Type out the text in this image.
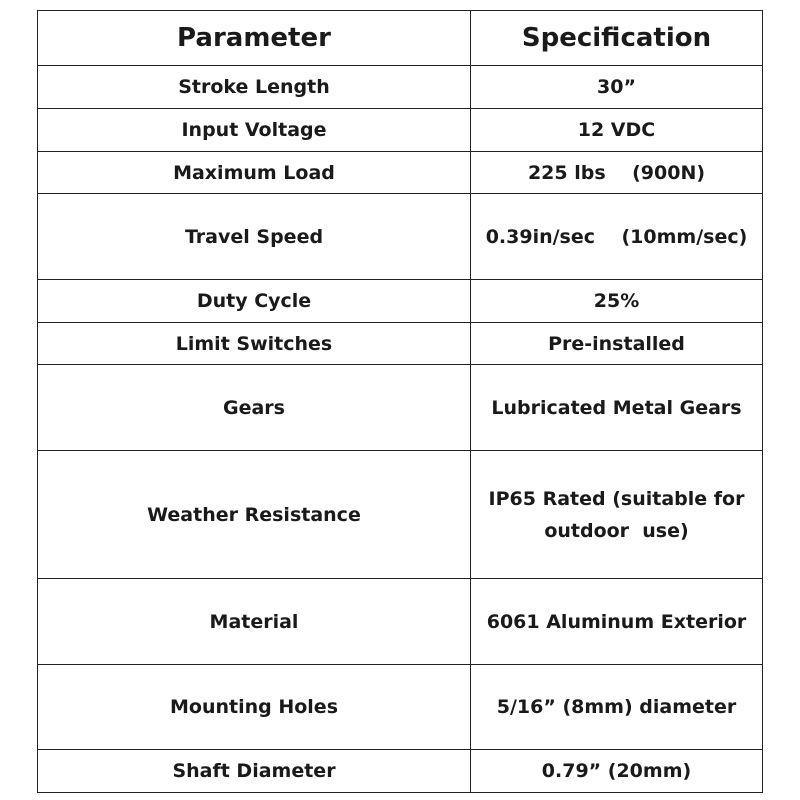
Parameter	Specification
Stroke Length	30”
Input Voltage	12 VDC
Maximum Load	225 lbs    (900N)
Travel Speed	0.39in/sec    (10mm/sec)
Duty Cycle	25%
Limit Switches	Pre-installed
Gears	Lubricated Metal Gears
Weather Resistance	IP65 Rated (suitable for outdoor  use)
Material	6061 Aluminum Exterior
Mounting Holes	5/16” (8mm) diameter
Shaft Diameter	0.79” (20mm)
